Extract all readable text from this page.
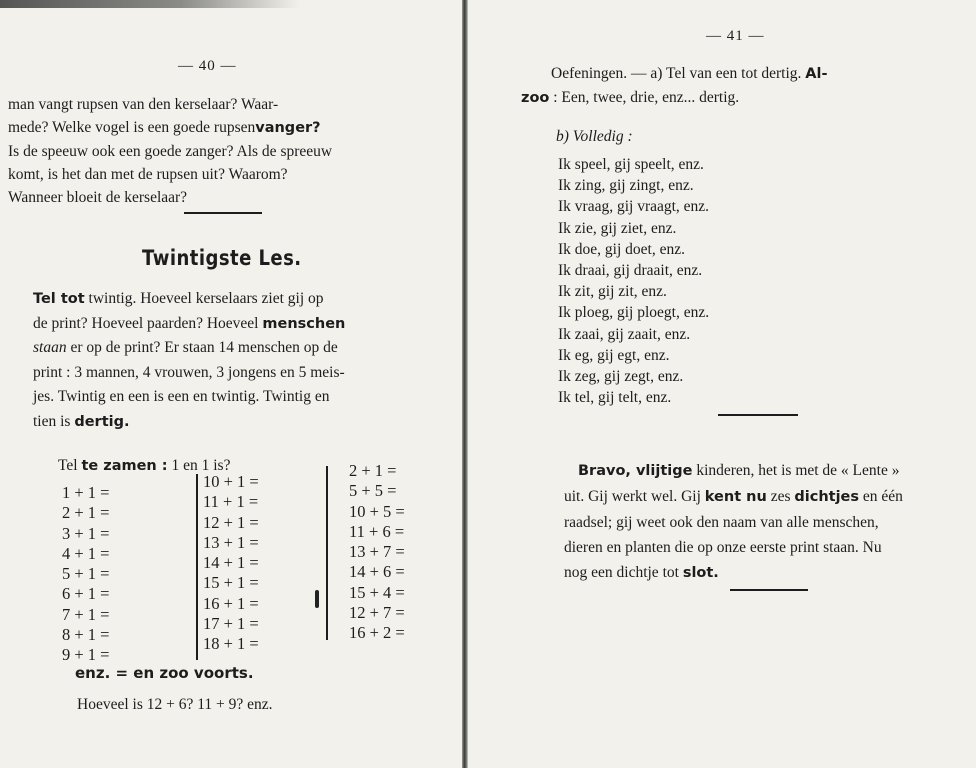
— 40 —
man vangt rupsen van den kerselaar? Waar-
mede? Welke vogel is een goede rupsenvanger?
Is de speeuw ook een goede zanger? Als de spreeuw
komt, is het dan met de rupsen uit? Waarom?
Wanneer bloeit de kerselaar?
Twintigste Les.
Tel tot twintig. Hoeveel kerselaars ziet gij op
de print? Hoeveel paarden? Hoeveel menschen
staan er op de print? Er staan 14 menschen op de
print : 3 mannen, 4 vrouwen, 3 jongens en 5 meis-
jes. Twintig en een is een en twintig. Twintig en
tien is dertig.
Tel te zamen : 1 en 1 is?
1 + 1 =
2 + 1 =
3 + 1 =
4 + 1 =
5 + 1 =
6 + 1 =
7 + 1 =
8 + 1 =
9 + 1 =
10 + 1 =
11 + 1 =
12 + 1 =
13 + 1 =
14 + 1 =
15 + 1 =
16 + 1 =
17 + 1 =
18 + 1 =
2 + 1 =
5 + 5 =
10 + 5 =
11 + 6 =
13 + 7 =
14 + 6 =
15 + 4 =
12 + 7 =
16 + 2 =
enz. = en zoo voorts.
Hoeveel is 12 + 6? 11 + 9? enz.
— 41 —
Oefeningen. — a) Tel van een tot dertig. Al-
zoo : Een, twee, drie, enz... dertig.
b) Volledig :
Ik speel, gij speelt, enz.
Ik zing, gij zingt, enz.
Ik vraag, gij vraagt, enz.
Ik zie, gij ziet, enz.
Ik doe, gij doet, enz.
Ik draai, gij draait, enz.
Ik zit, gij zit, enz.
Ik ploeg, gij ploegt, enz.
Ik zaai, gij zaait, enz.
Ik eg, gij egt, enz.
Ik zeg, gij zegt, enz.
Ik tel, gij telt, enz.
Bravo, vlijtige kinderen, het is met de « Lente »
uit. Gij werkt wel. Gij kent nu zes dichtjes en één
raadsel; gij weet ook den naam van alle menschen,
dieren en planten die op onze eerste print staan. Nu
nog een dichtje tot slot.
